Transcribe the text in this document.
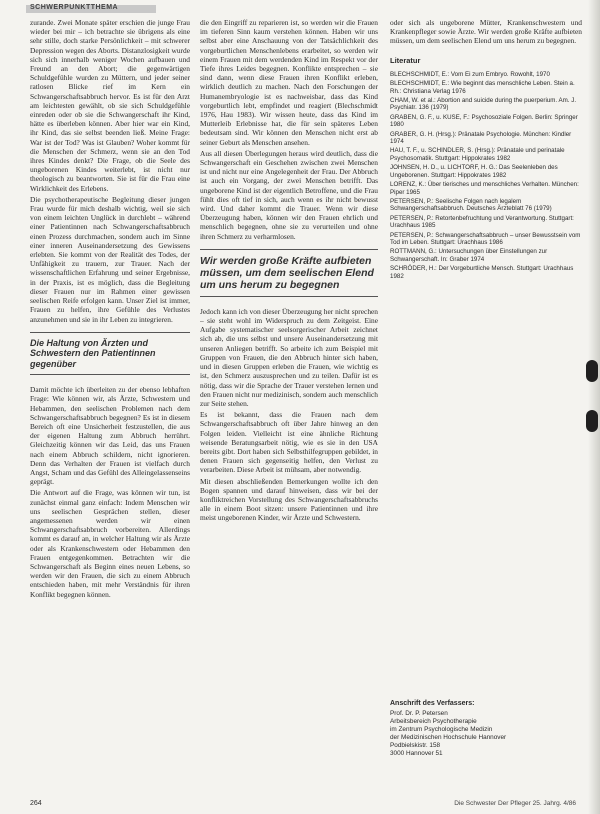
SCHWERPUNKTTHEMA

zurande. Zwei Monate später erschien die junge Frau wieder bei mir – ich betrachte sie übrigens als eine sehr stille, doch starke Persönlichkeit – mit schwerer Depression wegen des Aborts. Distanzlosigkeit wurde sich sich innerhalb weniger Wochen aufbauen und Freund an den Abort; die gegenwärtigen Schuldgefühle wurden zu Müttern, und jeder seiner ratlosen Blicke rief im Kern ein Schwangerschaftsabbruch hervor. Es ist für den Arzt am leichtesten gewählt, ob sie sich Schuldgefühle einreden oder ob sie die Schwangerschaft ihr Kind, hätte es überleben können. Aber hier war ein Kind, ihr Kind, das sie selbst beenden ließ. Meine Frage: War ist der Tod? Was ist Glauben? Woher kommt für die Menschen der Schmerz, wenn sie an den Tod ihres Kindes denkt? Die Frage, ob die Seele des ungeborenen Kindes weiterlebt, ist nicht nur theologisch zu beantworten. Sie ist für die Frau eine Wirklichkeit des Erlebens.

Die psychotherapeutische Begleitung dieser jungen Frau wurde für mich deshalb wichtig, weil sie sich von einem leichten Unglück in durchlebt – während einer Patientinnen nach Schwangerschaftsabbruch einen Prozess durchmachen, sondern auch im Sinne einer inneren Auseinandersetzung des Gewissens erlebten. Sie kommt von der Realität des Todes, der Unfähigkeit zu trauern, zur Trauer. Nach der wissenschaftlichen Erfahrung und seiner Ergebnisse, in der Praxis, ist es möglich, dass die Begleitung dieser Frauen nur im Rahmen einer gewissen seelischen Reife erfolgen kann. Unser Ziel ist immer, Frauen zu helfen, ihre Gefühle des Verlustes anzunehmen und sie in ihr Leben zu integrieren.

Die Haltung von Ärzten und Schwestern den Patientinnen gegenüber

Damit möchte ich überleiten zu der ebenso lebhaften Frage: Wie können wir, als Ärzte, Schwestern und Hebammen, den seelischen Problemen nach dem Schwangerschaftsabbruch begegnen? Es ist in diesem Bereich oft eine Unsicherheit festzustellen, die aus der eigenen Haltung zum Abbruch herrührt. Gleichzeitig können wir das Leid, das uns Frauen nach einem Abbruch schildern, nicht ignorieren. Denn das Verhalten der Frauen ist vielfach durch Angst, Scham und das Gefühl des Alleingelassenseins geprägt.

Die Antwort auf die Frage, was können wir tun, ist zunächst einmal ganz einfach: Indem Menschen wir uns seelischen Gesprächen stellen, dieser angemessenen werden wir einen Schwangerschaftsabbruch vorbereiten. Allerdings kommt es darauf an, in welcher Haltung wir als Ärzte oder als Krankenschwestern oder Hebammen den Frauen entgegenkommen. Betrachten wir die Schwangerschaft als Beginn eines neuen Lebens, so werden wir den Frauen, die sich zu einem Abbruch entschieden haben, mit mehr Verständnis für ihren Konflikt begegnen können.

die den Eingriff zu reparieren ist, so werden wir die Frauen im tieferen Sinn kaum verstehen können. Haben wir uns selbst aber eine Anschauung von der Tatsächlichkeit des vorgeburtlichen Menschenlebens erarbeitet, so werden wir einem Frauen mit dem werdenden Kind im Respekt vor der Tiefe ihres Leides begegnen. Konflikte entsprechen – sie sind dann, wenn diese Frauen ihren Konflikt erleben, wirklich deutlich zu machen. Nach den Forschungen der Humanembryologie ist es nachweisbar, dass das Kind vorgeburtlich lebt, empfindet und reagiert (Blechschmidt 1976, Hau 1983). Wir wissen heute, dass das Kind im Mutterleib Erlebnisse hat, die für sein späteres Leben bedeutsam sind. Wir können den Menschen nicht erst ab seiner Geburt als Menschen ansehen.

Aus all diesen Überlegungen heraus wird deutlich, dass die Schwangerschaft ein Geschehen zwischen zwei Menschen ist und nicht nur eine Angelegenheit der Frau. Der Abbruch ist auch ein Vorgang, der zwei Menschen betrifft. Das ungeborene Kind ist der eigentlich Betroffene, und die Frau fühlt dies oft tief in sich, auch wenn es ihr nicht bewusst wird. Und daher kommt die Trauer. Wenn wir diese Überzeugung haben, können wir den Frauen ehrlich und menschlich begegnen, ohne sie zu verurteilen und ohne ihren Schmerz zu verharmlosen.

Wir werden große Kräfte aufbieten müssen, um dem seelischen Elend um uns herum zu begegnen

Jedoch kann ich von dieser Überzeugung her nicht sprechen – sie steht wohl im Widerspruch zu dem Zeitgeist. Eine Aufgabe systematischer seelsorgerischer Arbeit zeichnet sich ab, die uns selbst und unsere Auseinandersetzung mit unseren Anliegen betrifft. So arbeite ich zum Beispiel mit Gruppen von Frauen, die den Abbruch hinter sich haben, und in diesen Gruppen erleben die Frauen, wie wichtig es ist, den Schmerz auszusprechen und zu teilen. Dafür ist es nötig, dass wir die Sprache der Trauer verstehen lernen und den Frauen nicht nur medizinisch, sondern auch menschlich zur Seite stehen.

Es ist bekannt, dass die Frauen nach dem Schwangerschaftsabbruch oft über Jahre hinweg an den Folgen leiden. Vielleicht ist eine ähnliche Richtung weisende Beratungsarbeit nötig, wie es sie in den USA bereits gibt. Dort haben sich Selbsthilfegruppen gebildet, in denen Frauen sich gegenseitig helfen, den Verlust zu verarbeiten. Diese Arbeit ist mühsam, aber notwendig.

Mit diesen abschließenden Bemerkungen wollte ich den Bogen spannen und darauf hinweisen, dass wir bei der konfliktreichen Vorstellung des Schwangerschaftsabbruchs alle in einem Boot sitzen: unsere Patientinnen und ihre meist ungeborenen Kinder, wir Ärzte und Schwestern.

oder sich als ungeborene Mütter, Krankenschwestern und Krankenpfleger sowie Ärzte. Wir werden große Kräfte aufbieten müssen, um dem seelischen Elend um uns herum zu begegnen.

Literatur

BLECHSCHMIDT, E.: Vom Ei zum Embryo. Rowohlt, 1970

BLECHSCHMIDT, E.: Wie beginnt das menschliche Leben. Stein a. Rh.: Christiana Verlag 1976

CHAM, W. et al.: Abortion and suicide during the puerperium. Am. J. Psychiatr. 136 (1979)

GRABEN, G. F., u. KUSE, F.: Psychosoziale Folgen. Berlin: Springer 1980

GRABER, G. H. (Hrsg.): Pränatale Psychologie. München: Kindler 1974

HAU, T. F., u. SCHINDLER, S. (Hrsg.): Pränatale und perinatale Psychosomatik. Stuttgart: Hippokrates 1982

JOHNSEN, H. D., u. LICHTORF, H. G.: Das Seelenleben des Ungeborenen. Stuttgart: Hippokrates 1982

LORENZ, K.: Über tierisches und menschliches Verhalten. München: Piper 1965

PETERSEN, P.: Seelische Folgen nach legalem Schwangerschaftsabbruch. Deutsches Ärzteblatt 76 (1979)

PETERSEN, P.: Retortenbefruchtung und Verantwortung. Stuttgart: Urachhaus 1985

PETERSEN, P.: Schwangerschaftsabbruch – unser Bewusstsein vom Tod im Leben. Stuttgart: Urachhaus 1986

ROTTMANN, G.: Untersuchungen über Einstellungen zur Schwangerschaft. In: Graber 1974

SCHRÖDER, H.: Der Vorgeburtliche Mensch. Stuttgart: Urachhaus 1982

Anschrift des Verfassers:
Prof. Dr. P. Petersen
Arbeitsbereich Psychotherapie
im Zentrum Psychologische Medizin
der Medizinischen Hochschule Hannover
Podbielskistr. 158
3000 Hannover 51
264	Die Schwester Der Pfleger 25. Jahrg. 4/86
